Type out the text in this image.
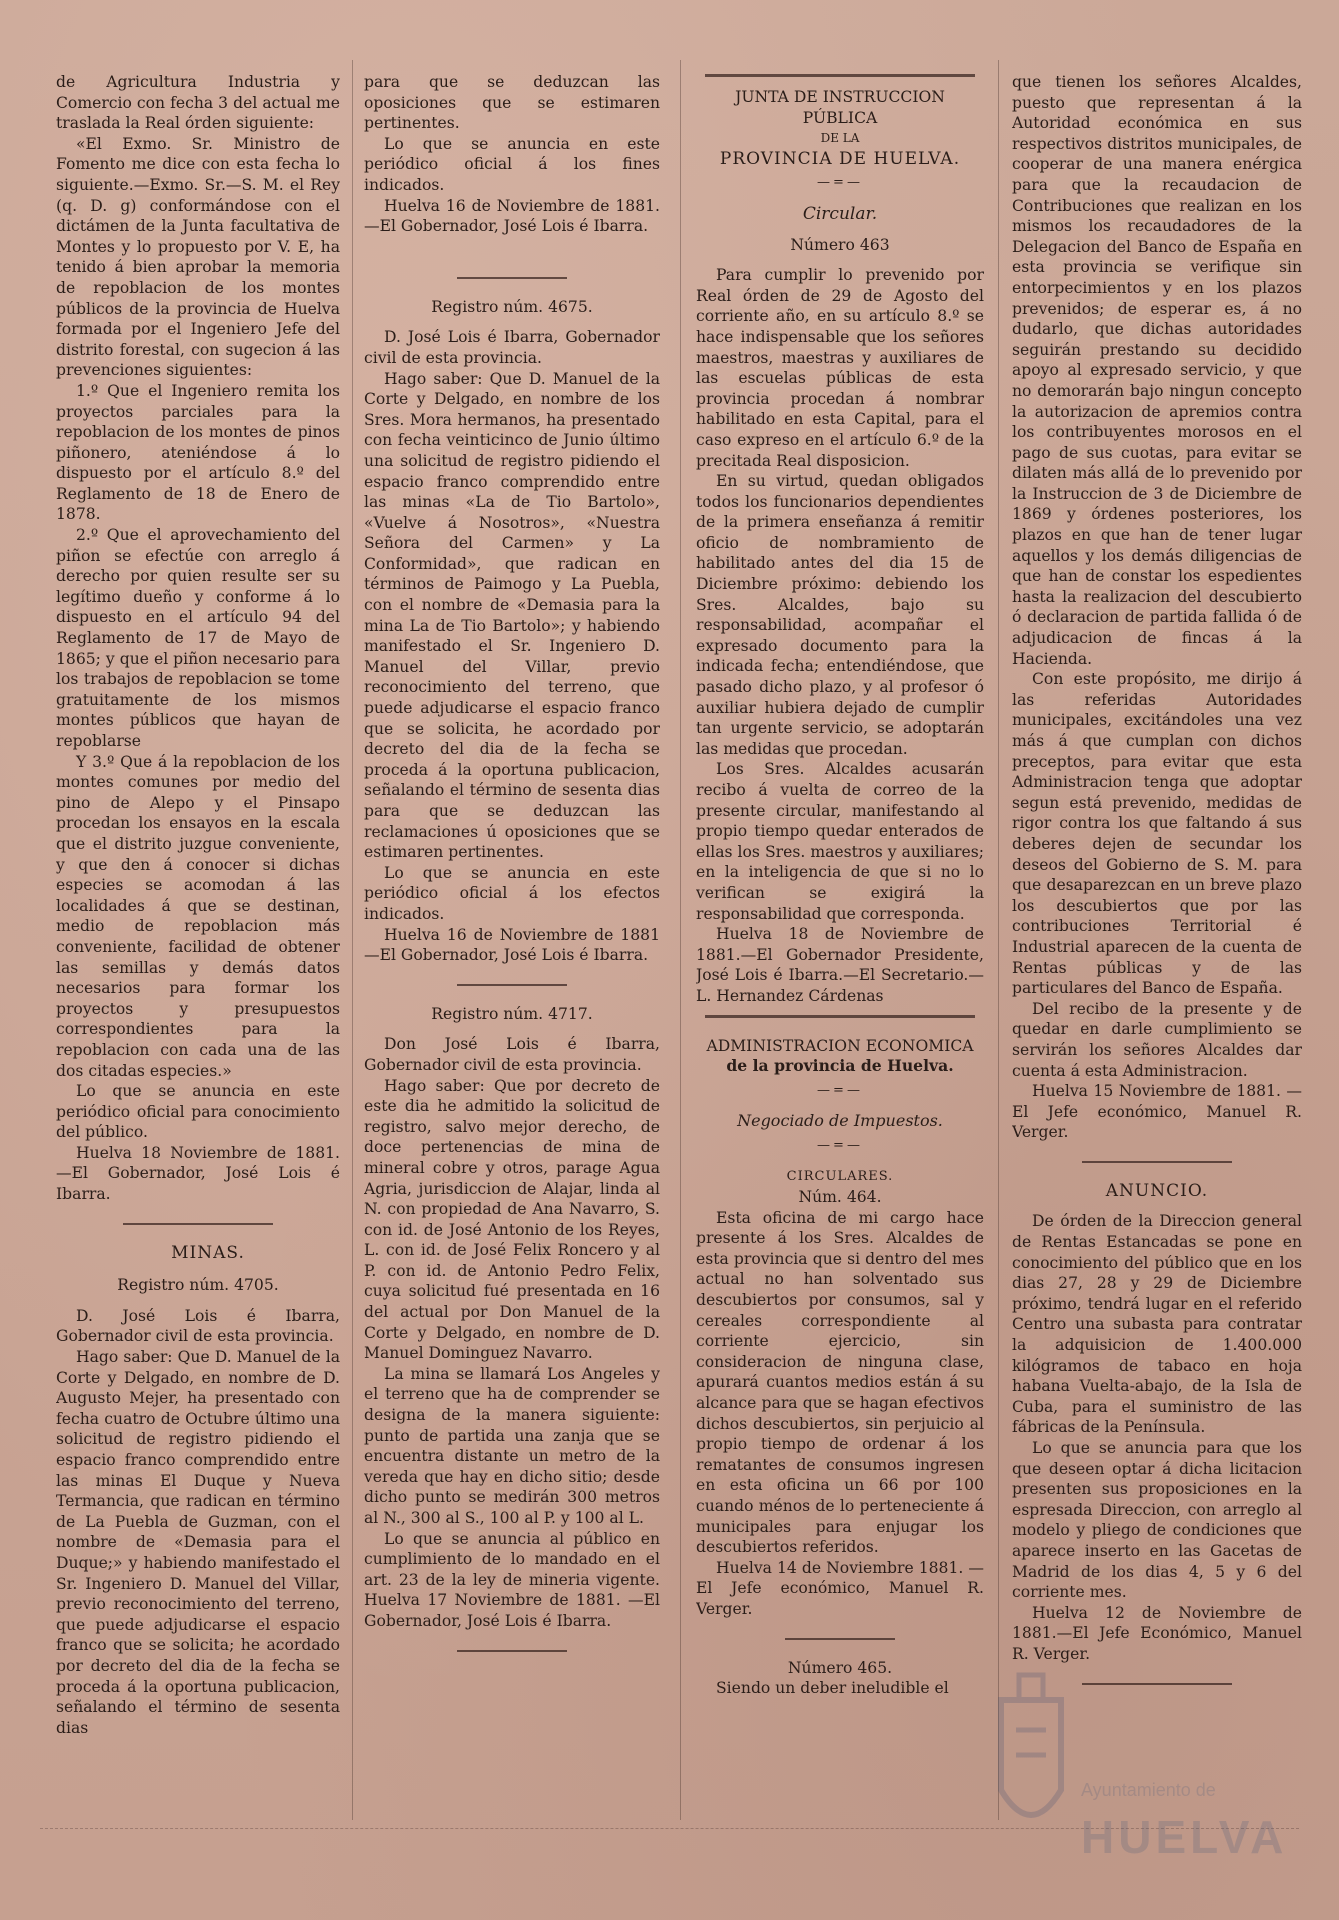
de Agricultura Industria y Comercio con fecha 3 del actual me traslada la Real órden siguiente:

«El Exmo. Sr. Ministro de Fomento me dice con esta fecha lo siguiente.—Exmo. Sr.—S. M. el Rey (q. D. g) conformándose con el dictámen de la Junta facultativa de Montes y lo propuesto por V. E, ha tenido á bien aprobar la memoria de repoblacion de los montes públicos de la provincia de Huelva formada por el Ingeniero Jefe del distrito forestal, con sugecion á las prevenciones siguientes:

1.º Que el Ingeniero remita los proyectos parciales para la repoblacion de los montes de pinos piñonero, ateniéndose á lo dispuesto por el artículo 8.º del Reglamento de 18 de Enero de 1878.

2.º Que el aprovechamiento del piñon se efectúe con arreglo á derecho por quien resulte ser su legítimo dueño y conforme á lo dispuesto en el artículo 94 del Reglamento de 17 de Mayo de 1865; y que el piñon necesario para los trabajos de repoblacion se tome gratuitamente de los mismos montes públicos que hayan de repoblarse

Y 3.º Que á la repoblacion de los montes comunes por medio del pino de Alepo y el Pinsapo procedan los ensayos en la escala que el distrito juzgue conveniente, y que den á conocer si dichas especies se acomodan á las localidades á que se destinan, medio de repoblacion más conveniente, facilidad de obtener las semillas y demás datos necesarios para formar los proyectos y presupuestos correspondientes para la repoblacion con cada una de las dos citadas especies.»

Lo que se anuncia en este periódico oficial para conocimiento del público.

Huelva 18 Noviembre de 1881. —El Gobernador, José Lois é Ibarra.

MINAS.

Registro núm. 4705.

D. José Lois é Ibarra, Gobernador civil de esta provincia.

Hago saber: Que D. Manuel de la Corte y Delgado, en nombre de D. Augusto Mejer, ha presentado con fecha cuatro de Octubre último una solicitud de registro pidiendo el espacio franco comprendido entre las minas El Duque y Nueva Termancia, que radican en término de La Puebla de Guzman, con el nombre de «Demasia para el Duque;» y habiendo manifestado el Sr. Ingeniero D. Manuel del Villar, previo reconocimiento del terreno, que puede adjudicarse el espacio franco que se solicita; he acordado por decreto del dia de la fecha se proceda á la oportuna publicacion, señalando el término de sesenta dias

para que se deduzcan las oposiciones que se estimaren pertinentes.

Lo que se anuncia en este periódico oficial á los fines indicados.

Huelva 16 de Noviembre de 1881.—El Gobernador, José Lois é Ibarra.

Registro núm. 4675.

D. José Lois é Ibarra, Gobernador civil de esta provincia.

Hago saber: Que D. Manuel de la Corte y Delgado, en nombre de los Sres. Mora hermanos, ha presentado con fecha veinticinco de Junio último una solicitud de registro pidiendo el espacio franco comprendido entre las minas «La de Tio Bartolo», «Vuelve á Nosotros», «Nuestra Señora del Carmen» y La Conformidad», que radican en términos de Paimogo y La Puebla, con el nombre de «Demasia para la mina La de Tio Bartolo»; y habiendo manifestado el Sr. Ingeniero D. Manuel del Villar, previo reconocimiento del terreno, que puede adjudicarse el espacio franco que se solicita, he acordado por decreto del dia de la fecha se proceda á la oportuna publicacion, señalando el término de sesenta dias para que se deduzcan las reclamaciones ú oposiciones que se estimaren pertinentes.

Lo que se anuncia en este periódico oficial á los efectos indicados.

Huelva 16 de Noviembre de 1881 —El Gobernador, José Lois é Ibarra.

Registro núm. 4717.

Don José Lois é Ibarra, Gobernador civil de esta provincia.

Hago saber: Que por decreto de este dia he admitido la solicitud de registro, salvo mejor derecho, de doce pertenencias de mina de mineral cobre y otros, parage Agua Agria, jurisdiccion de Alajar, linda al N. con propiedad de Ana Navarro, S. con id. de José Antonio de los Reyes, L. con id. de José Felix Roncero y al P. con id. de Antonio Pedro Felix, cuya solicitud fué presentada en 16 del actual por Don Manuel de la Corte y Delgado, en nombre de D. Manuel Dominguez Navarro.

La mina se llamará Los Angeles y el terreno que ha de comprender se designa de la manera siguiente: punto de partida una zanja que se encuentra distante un metro de la vereda que hay en dicho sitio; desde dicho punto se medirán 300 metros al N., 300 al S., 100 al P. y 100 al L.

Lo que se anuncia al público en cumplimiento de lo mandado en el art. 23 de la ley de mineria vigente. Huelva 17 Noviembre de 1881. —El Gobernador, José Lois é Ibarra.

JUNTA DE INSTRUCCION PÚBLICA

DE LA

PROVINCIA DE HUELVA.

—=—

Circular.

Número 463

Para cumplir lo prevenido por Real órden de 29 de Agosto del corriente año, en su artículo 8.º se hace indispensable que los señores maestros, maestras y auxiliares de las escuelas públicas de esta provincia procedan á nombrar habilitado en esta Capital, para el caso expreso en el artículo 6.º de la precitada Real disposicion.

En su virtud, quedan obligados todos los funcionarios dependientes de la primera enseñanza á remitir oficio de nombramiento de habilitado antes del dia 15 de Diciembre próximo: debiendo los Sres. Alcaldes, bajo su responsabilidad, acompañar el expresado documento para la indicada fecha; entendiéndose, que pasado dicho plazo, y al profesor ó auxiliar hubiera dejado de cumplir tan urgente servicio, se adoptarán las medidas que procedan.

Los Sres. Alcaldes acusarán recibo á vuelta de correo de la presente circular, manifestando al propio tiempo quedar enterados de ellas los Sres. maestros y auxiliares; en la inteligencia de que si no lo verifican se exigirá la responsabilidad que corresponda.

Huelva 18 de Noviembre de 1881.—El Gobernador Presidente, José Lois é Ibarra.—El Secretario.—L. Hernandez Cárdenas

ADMINISTRACION ECONOMICA

de la provincia de Huelva.

—=—

Negociado de Impuestos.

—=—

CIRCULARES.

Núm. 464.

Esta oficina de mi cargo hace presente á los Sres. Alcaldes de esta provincia que si dentro del mes actual no han solventado sus descubiertos por consumos, sal y cereales correspondiente al corriente ejercicio, sin consideracion de ninguna clase, apurará cuantos medios están á su alcance para que se hagan efectivos dichos descubiertos, sin perjuicio al propio tiempo de ordenar á los rematantes de consumos ingresen en esta oficina un 66 por 100 cuando ménos de lo perteneciente á municipales para enjugar los descubiertos referidos.

Huelva 14 de Noviembre 1881. —El Jefe económico, Manuel R. Verger.

Número 465.

Siendo un deber ineludible el

que tienen los señores Alcaldes, puesto que representan á la Autoridad económica en sus respectivos distritos municipales, de cooperar de una manera enérgica para que la recaudacion de Contribuciones que realizan en los mismos los recaudadores de la Delegacion del Banco de España en esta provincia se verifique sin entorpecimientos y en los plazos prevenidos; de esperar es, á no dudarlo, que dichas autoridades seguirán prestando su decidido apoyo al expresado servicio, y que no demorarán bajo ningun concepto la autorizacion de apremios contra los contribuyentes morosos en el pago de sus cuotas, para evitar se dilaten más allá de lo prevenido por la Instruccion de 3 de Diciembre de 1869 y órdenes posteriores, los plazos en que han de tener lugar aquellos y los demás diligencias de que han de constar los espedientes hasta la realizacion del descubierto ó declaracion de partida fallida ó de adjudicacion de fincas á la Hacienda.

Con este propósito, me dirijo á las referidas Autoridades municipales, excitándoles una vez más á que cumplan con dichos preceptos, para evitar que esta Administracion tenga que adoptar segun está prevenido, medidas de rigor contra los que faltando á sus deberes dejen de secundar los deseos del Gobierno de S. M. para que desaparezcan en un breve plazo los descubiertos que por las contribuciones Territorial é Industrial aparecen de la cuenta de Rentas públicas y de las particulares del Banco de España.

Del recibo de la presente y de quedar en darle cumplimiento se servirán los señores Alcaldes dar cuenta á esta Administracion.

Huelva 15 Noviembre de 1881. —El Jefe económico, Manuel R. Verger.

ANUNCIO.

De órden de la Direccion general de Rentas Estancadas se pone en conocimiento del público que en los dias 27, 28 y 29 de Diciembre próximo, tendrá lugar en el referido Centro una subasta para contratar la adquisicion de 1.400.000 kilógramos de tabaco en hoja habana Vuelta-abajo, de la Isla de Cuba, para el suministro de las fábricas de la Península.

Lo que se anuncia para que los que deseen optar á dicha licitacion presenten sus proposiciones en la espresada Direccion, con arreglo al modelo y pliego de condiciones que aparece inserto en las Gacetas de Madrid de los dias 4, 5 y 6 del corriente mes.

Huelva 12 de Noviembre de 1881.—El Jefe Económico, Manuel R. Verger.

Ayuntamiento de
HUELVA
